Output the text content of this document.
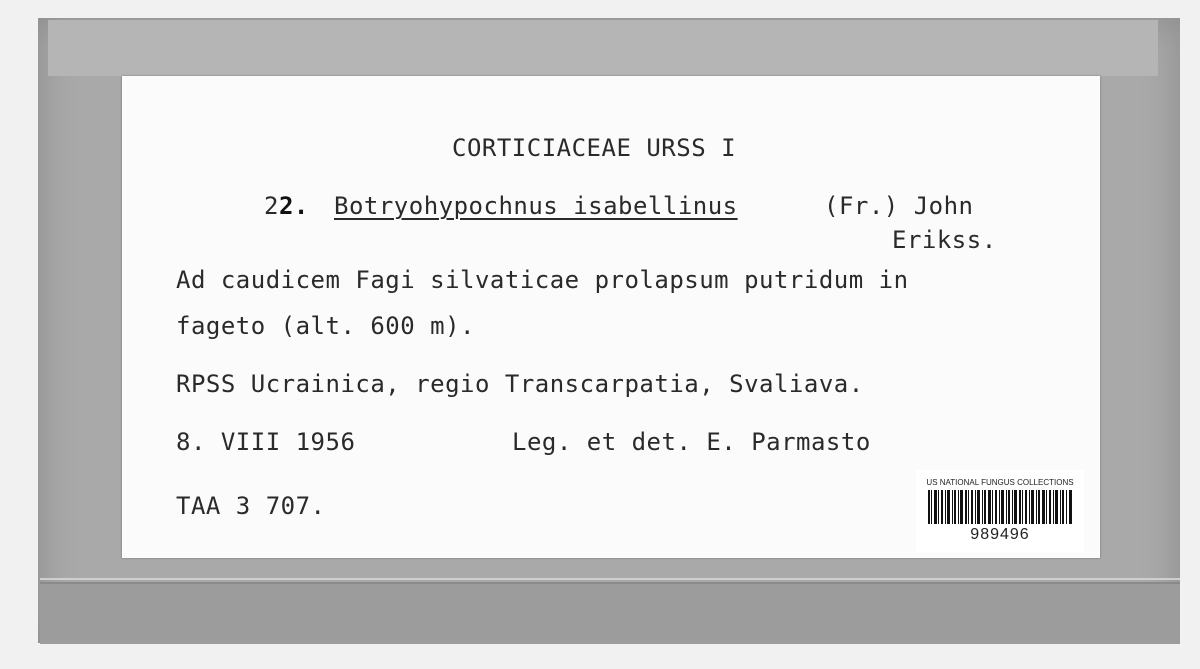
CORTICIACEAE URSS I
22. Botryohypochnus isabellinus	(Fr.) John
Erikss.
Ad caudicem Fagi silvaticae prolapsum putridum in
fageto (alt. 600 m).
RPSS Ucrainica, regio Transcarpatia, Svaliava.
8. VIII 1956	Leg. et det. E. Parmasto
TAA 3 707.
US NATIONAL FUNGUS COLLECTIONS
989496
